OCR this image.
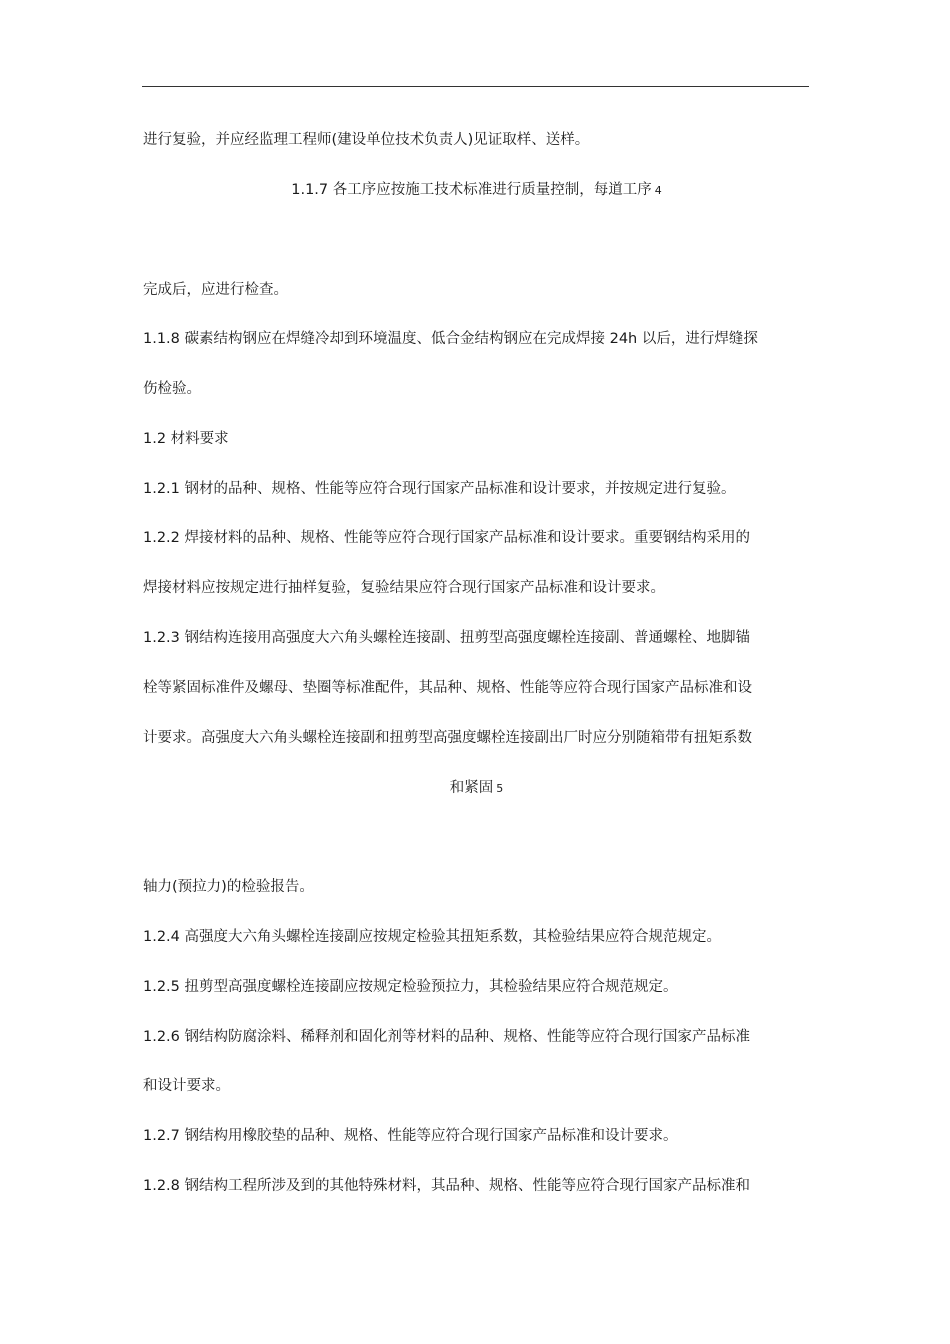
进行复验，并应经监理工程师(建设单位技术负责人)见证取样、送样。
1.1.7 各工序应按施工技术标准进行质量控制，每道工序 4
完成后，应进行检查。
1.1.8 碳素结构钢应在焊缝冷却到环境温度、低合金结构钢应在完成焊接 24h 以后，进行焊缝探
伤检验。
1.2 材料要求
1.2.1 钢材的品种、规格、性能等应符合现行国家产品标准和设计要求，并按规定进行复验。
1.2.2 焊接材料的品种、规格、性能等应符合现行国家产品标准和设计要求。重要钢结构采用的
焊接材料应按规定进行抽样复验，复验结果应符合现行国家产品标准和设计要求。
1.2.3 钢结构连接用高强度大六角头螺栓连接副、扭剪型高强度螺栓连接副、普通螺栓、地脚锚
栓等紧固标准件及螺母、垫圈等标准配件，其品种、规格、性能等应符合现行国家产品标准和设
计要求。高强度大六角头螺栓连接副和扭剪型高强度螺栓连接副出厂时应分别随箱带有扭矩系数
和紧固 5
轴力(预拉力)的检验报告。
1.2.4 高强度大六角头螺栓连接副应按规定检验其扭矩系数，其检验结果应符合规范规定。
1.2.5 扭剪型高强度螺栓连接副应按规定检验预拉力，其检验结果应符合规范规定。
1.2.6 钢结构防腐涂料、稀释剂和固化剂等材料的品种、规格、性能等应符合现行国家产品标准
和设计要求。
1.2.7 钢结构用橡胶垫的品种、规格、性能等应符合现行国家产品标准和设计要求。
1.2.8 钢结构工程所涉及到的其他特殊材料，其品种、规格、性能等应符合现行国家产品标准和
